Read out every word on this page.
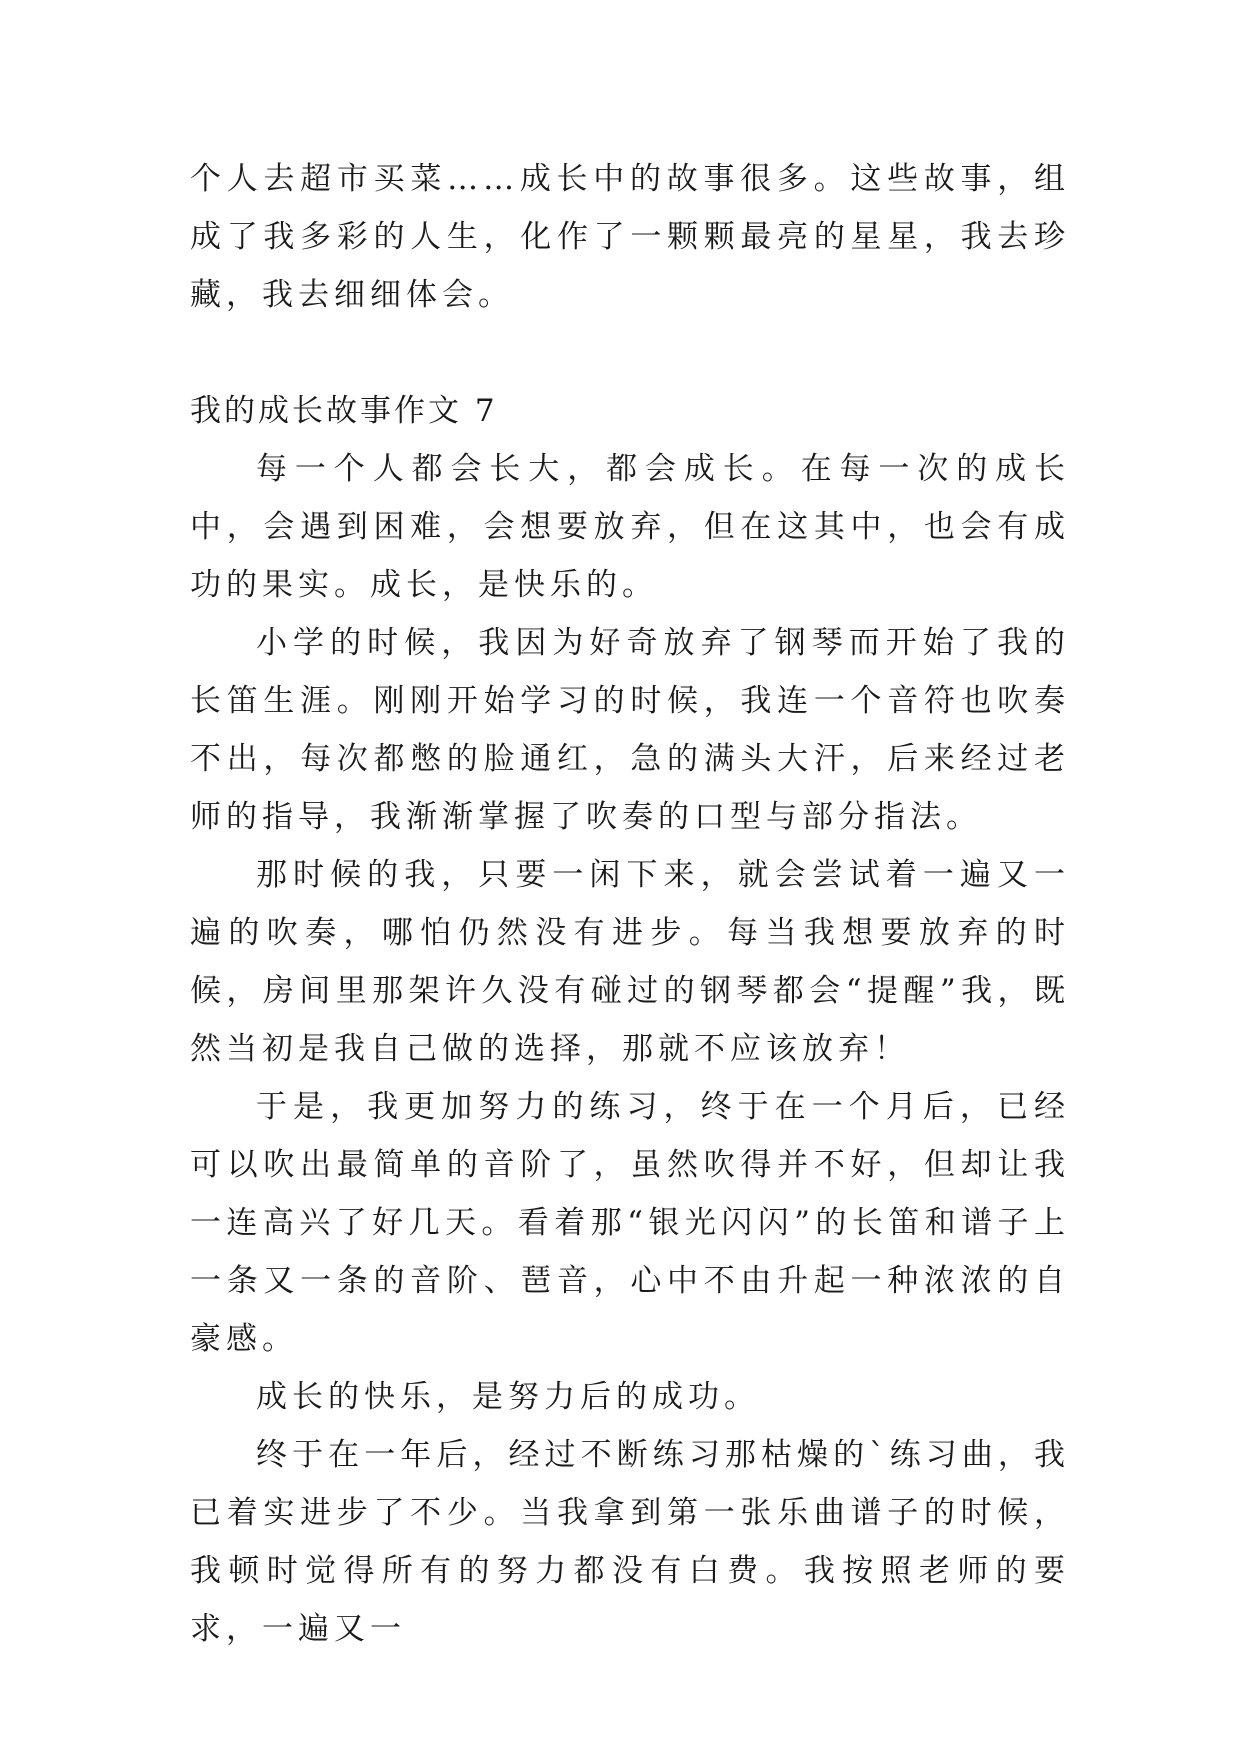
个人去超市买菜……成长中的故事很多。这些故事，组成了我多彩的人生，化作了一颗颗最亮的星星，我去珍藏，我去细细体会。

我的成长故事作文 7

每一个人都会长大，都会成长。在每一次的成长中，会遇到困难，会想要放弃，但在这其中，也会有成功的果实。成长，是快乐的。

小学的时候，我因为好奇放弃了钢琴而开始了我的长笛生涯。刚刚开始学习的时候，我连一个音符也吹奏不出，每次都憋的脸通红，急的满头大汗，后来经过老师的指导，我渐渐掌握了吹奏的口型与部分指法。

那时候的我，只要一闲下来，就会尝试着一遍又一遍的吹奏，哪怕仍然没有进步。每当我想要放弃的时候，房间里那架许久没有碰过的钢琴都会“提醒”我，既然当初是我自己做的选择，那就不应该放弃！

于是，我更加努力的练习，终于在一个月后，已经可以吹出最简单的音阶了，虽然吹得并不好，但却让我一连高兴了好几天。看着那“银光闪闪”的长笛和谱子上一条又一条的音阶、琶音，心中不由升起一种浓浓的自豪感。

成长的快乐，是努力后的成功。

终于在一年后，经过不断练习那枯燥的`练习曲，我已着实进步了不少。当我拿到第一张乐曲谱子的时候，我顿时觉得所有的努力都没有白费。我按照老师的要求，一遍又一
